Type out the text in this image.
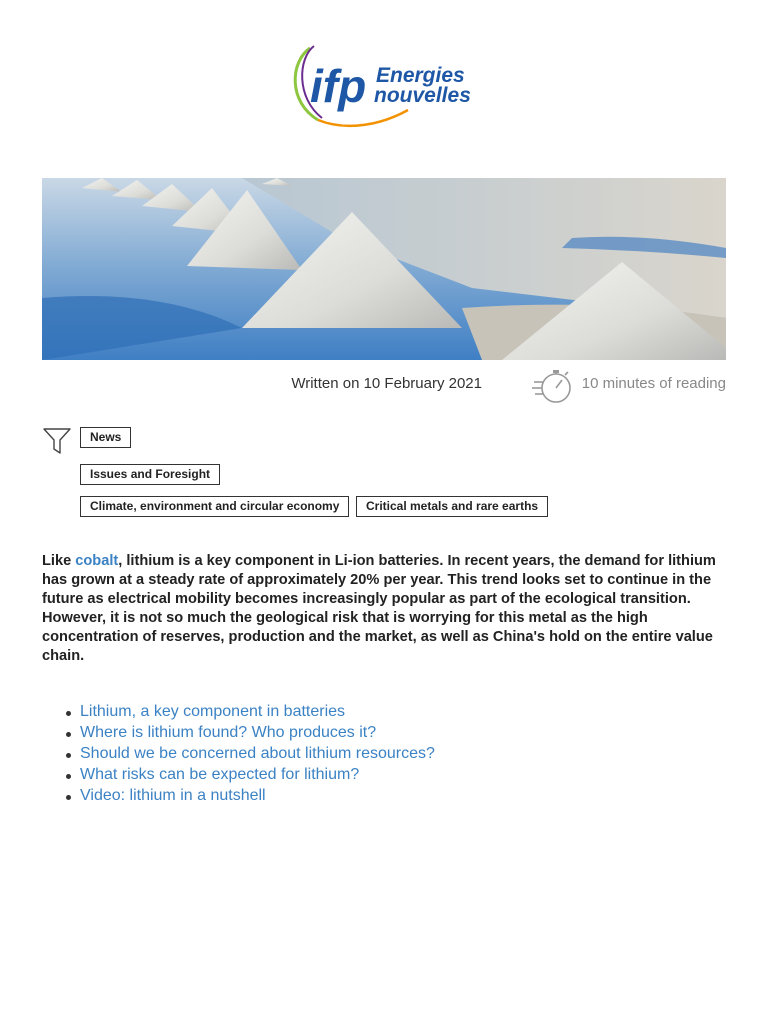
ifp Energies
nouvelles
Written on 10 February 2021	10 minutes of reading
News
Issues and Foresight
Climate, environment and circular economy	Critical metals and rare earths

Like cobalt, lithium is a key component in Li-ion batteries. In recent years, the demand for lithium has grown at a steady rate of approximately 20% per year. This trend looks set to continue in the future as electrical mobility becomes increasingly popular as part of the ecological transition. However, it is not so much the geological risk that is worrying for this metal as the high concentration of reserves, production and the market, as well as China's hold on the entire value chain.

Lithium, a key component in batteries
Where is lithium found? Who produces it?
Should we be concerned about lithium resources?
What risks can be expected for lithium?
Video: lithium in a nutshell
